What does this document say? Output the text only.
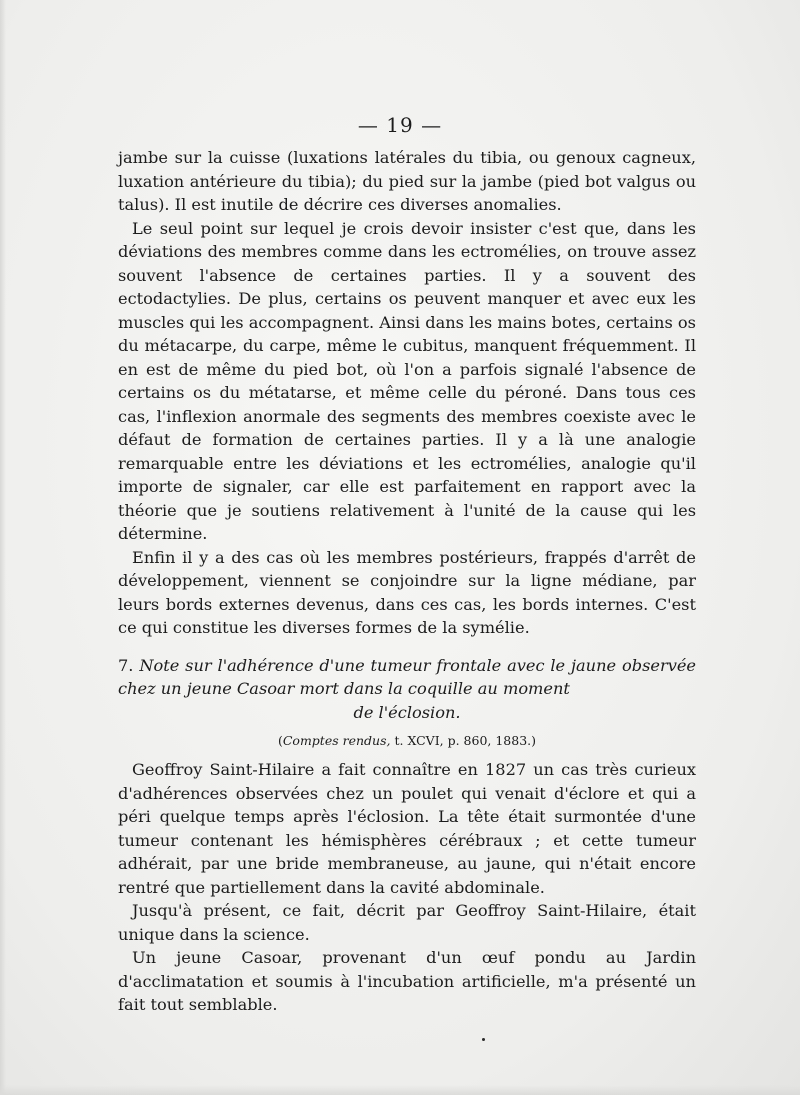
— 19 —

jambe sur la cuisse (luxations latérales du tibia, ou genoux cagneux, luxation antérieure du tibia); du pied sur la jambe (pied bot valgus ou talus). Il est inutile de décrire ces diverses anomalies.

Le seul point sur lequel je crois devoir insister c'est que, dans les déviations des membres comme dans les ectromélies, on trouve assez souvent l'absence de certaines parties. Il y a souvent des ectodactylies. De plus, certains os peuvent manquer et avec eux les muscles qui les accompagnent. Ainsi dans les mains botes, certains os du métacarpe, du carpe, même le cubitus, manquent fréquemment. Il en est de même du pied bot, où l'on a parfois signalé l'absence de certains os du métatarse, et même celle du péroné. Dans tous ces cas, l'inflexion anormale des segments des membres coexiste avec le défaut de formation de certaines parties. Il y a là une analogie remarquable entre les déviations et les ectromélies, analogie qu'il importe de signaler, car elle est parfaitement en rapport avec la théorie que je soutiens relativement à l'unité de la cause qui les détermine.

Enfin il y a des cas où les membres postérieurs, frappés d'arrêt de développement, viennent se conjoindre sur la ligne médiane, par leurs bords externes devenus, dans ces cas, les bords internes. C'est ce qui constitue les diverses formes de la symélie.

7. Note sur l'adhérence d'une tumeur frontale avec le jaune observée chez un jeune Casoar mort dans la coquille au moment
de l'éclosion.
(Comptes rendus, t. XCVI, p. 860, 1883.)

Geoffroy Saint-Hilaire a fait connaître en 1827 un cas très curieux d'adhérences observées chez un poulet qui venait d'éclore et qui a péri quelque temps après l'éclosion. La tête était surmontée d'une tumeur contenant les hémisphères cérébraux ; et cette tumeur adhérait, par une bride membraneuse, au jaune, qui n'était encore rentré que partiellement dans la cavité abdominale.

Jusqu'à présent, ce fait, décrit par Geoffroy Saint-Hilaire, était unique dans la science.

Un jeune Casoar, provenant d'un œuf pondu au Jardin d'acclimatation et soumis à l'incubation artificielle, m'a présenté un fait tout semblable.
